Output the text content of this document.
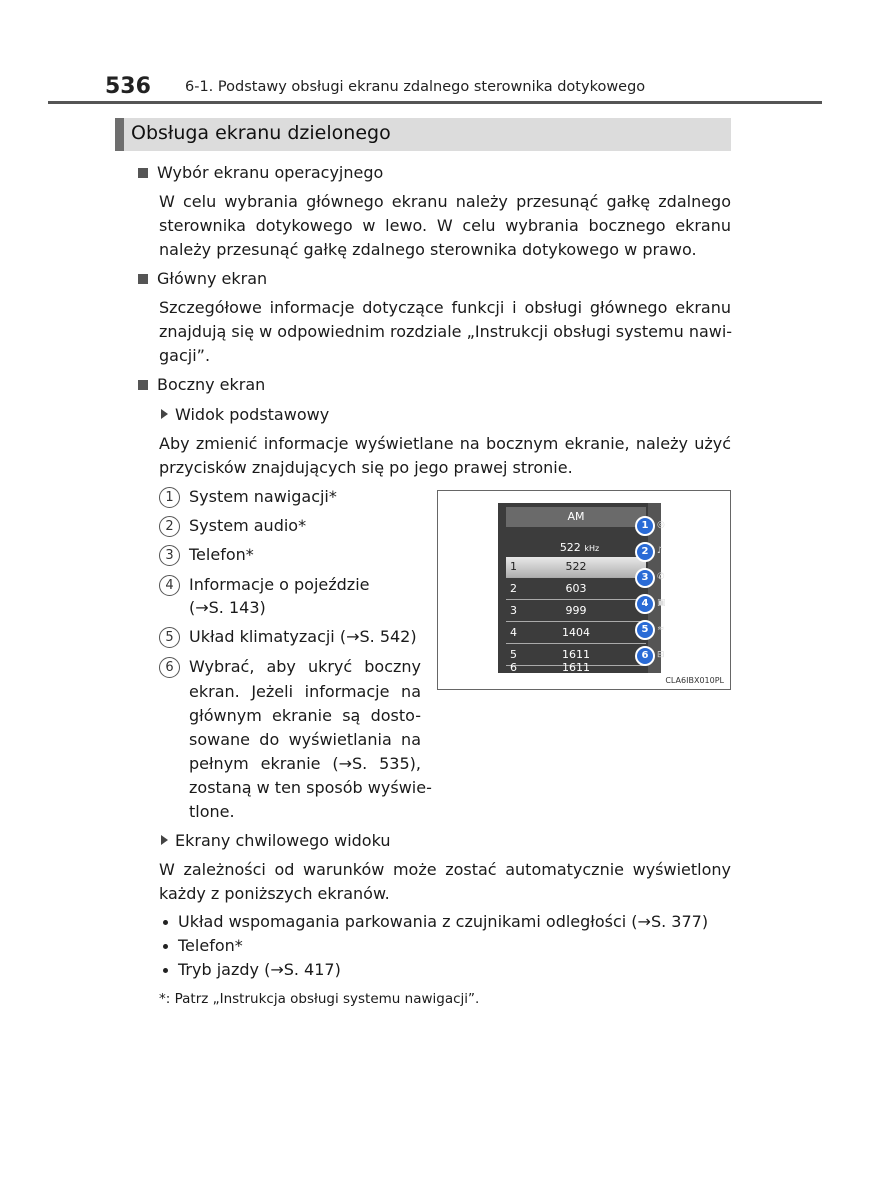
536 6-1. Podstawy obsługi ekranu zdalnego sterownika dotykowego
Obsługa ekranu dzielonego
Wybór ekranu operacyjnego
W celu wybrania głównego ekranu należy przesunąć gałkę zdalnego
sterownika dotykowego w lewo. W celu wybrania bocznego ekranu
należy przesunąć gałkę zdalnego sterownika dotykowego w prawo.
Główny ekran
Szczegółowe informacje dotyczące funkcji i obsługi głównego ekranu
znajdują się w odpowiednim rozdziale „Instrukcji obsługi systemu nawi-
gacji”.
Boczny ekran
Widok podstawowy
Aby zmienić informacje wyświetlane na bocznym ekranie, należy użyć
przycisków znajdujących się po jego prawej stronie.
1 System nawigacji*
2 System audio*
3 Telefon*
4 Informacje o pojeździe
(→S. 143)
5 Układ klimatyzacji (→S. 542)
6 Wybrać, aby ukryć boczny
ekran. Jeżeli informacje na
głównym ekranie są dosto-
sowane do wyświetlania na
pełnym ekranie (→S. 535),
zostaną w ten sposób wyświe-
tlone.
AM
522 kHz
1	522
2	603
3	999
4	1404
5	1611
6	1611
1
2
3
4
5
6
◎
♪
✆
▣
≈
⊟
CLA6IBX010PL
Ekrany chwilowego widoku
W zależności od warunków może zostać automatycznie wyświetlony
każdy z poniższych ekranów.
Układ wspomagania parkowania z czujnikami odległości (→S. 377)
Telefon*
Tryb jazdy (→S. 417)
*: Patrz „Instrukcja obsługi systemu nawigacji”.
